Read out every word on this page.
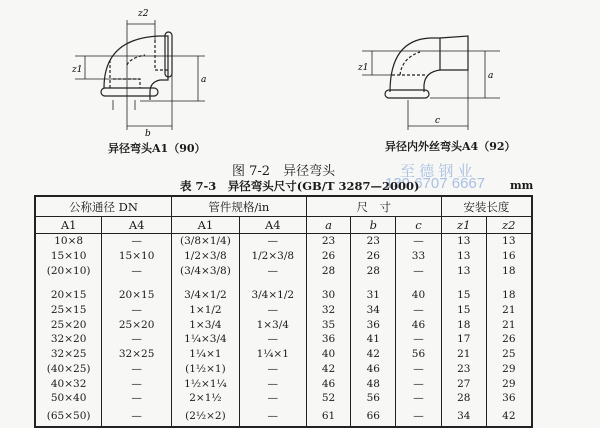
z2
z1
a
b
z1
a
c
异径弯头A1（90）	异径内外丝弯头A4（92）
图 7-2　异径弯头	至 德 钢 业
139 6707 6667
表 7-3　异径弯头尺寸(GB/T 3287—2000)	mm
公称通径 DN		管件规格/in		尺　寸			安装长度	
A1	A4	A1	A4	a	b	c	z1	z2
10×8	—	(3/8×1/4)	—	23	23	—	13	13
15×10	15×10	1/2×3/8	1/2×3/8	26	26	33	13	16
(20×10)	—	(3/4×3/8)	—	28	28	—	13	18

20×15	20×15	3/4×1/2	3/4×1/2	30	31	40	15	18
25×15	—	1×1/2	—	32	34	—	15	21
25×20	25×20	1×3/4	1×3/4	35	36	46	18	21
32×20	—	1¼×3/4	—	36	41	—	17	26
32×25	32×25	1¼×1	1¼×1	40	42	56	21	25
(40×25)	—	(1½×1)	—	42	46	—	23	29
40×32	—	1½×1¼	—	46	48	—	27	29
50×40	—	2×1½	—	52	56	—	28	36
(65×50)	—	(2½×2)	—	61	66	—	34	42
